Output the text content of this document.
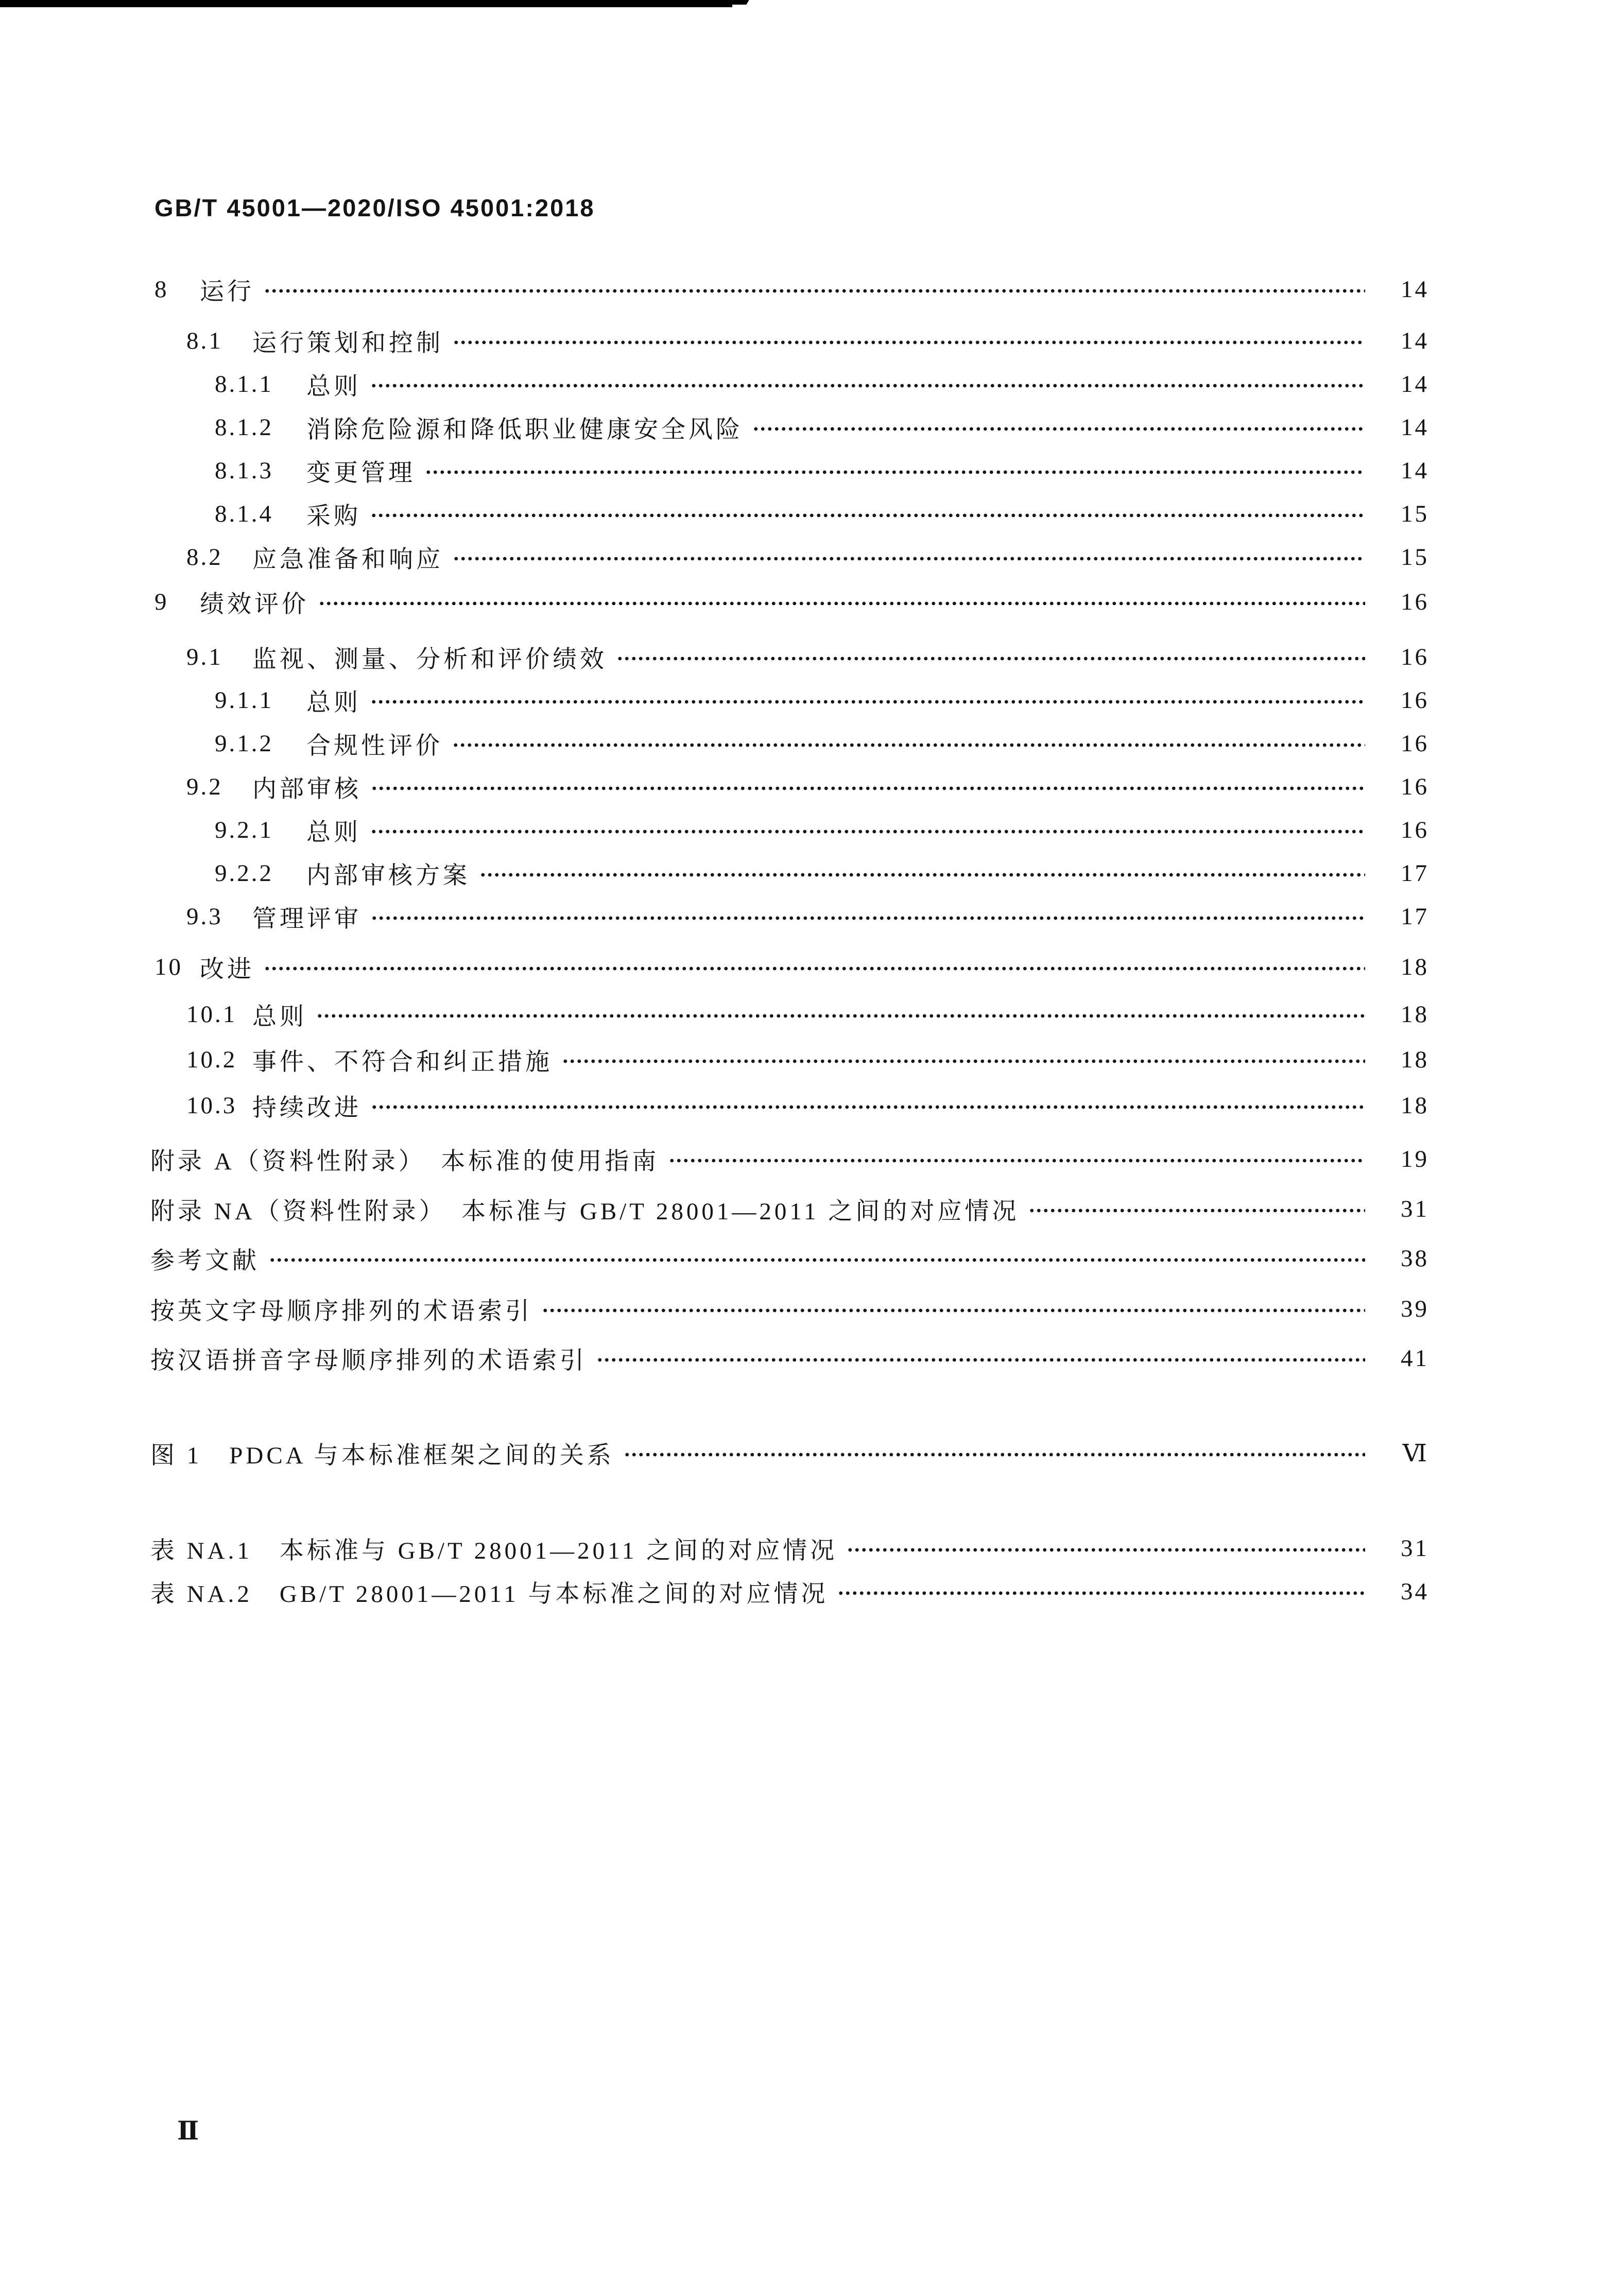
GB/T 45001—2020/ISO 45001:2018
8	运行	14
8.1	运行策划和控制	14
8.1.1	总则	14
8.1.2	消除危险源和降低职业健康安全风险	14
8.1.3	变更管理	14
8.1.4	采购	15
8.2	应急准备和响应	15
9	绩效评价	16
9.1	监视、测量、分析和评价绩效	16
9.1.1	总则	16
9.1.2	合规性评价	16
9.2	内部审核	16
9.2.1	总则	16
9.2.2	内部审核方案	17
9.3	管理评审	17
10 改进	18
10.1 总则	18
10.2 事件、不符合和纠正措施	18
10.3 持续改进	18
附录 A（资料性附录）　本标准的使用指南	19
附录 NA（资料性附录）　本标准与 GB/T 28001—2011 之间的对应情况	31
参考文献	38
按英文字母顺序排列的术语索引	39
按汉语拼音字母顺序排列的术语索引	41
图 1　PDCA 与本标准框架之间的关系	Ⅵ
表 NA.1　本标准与 GB/T 28001—2011 之间的对应情况	31
表 NA.2　GB/T 28001—2011 与本标准之间的对应情况	34
Ⅱ
